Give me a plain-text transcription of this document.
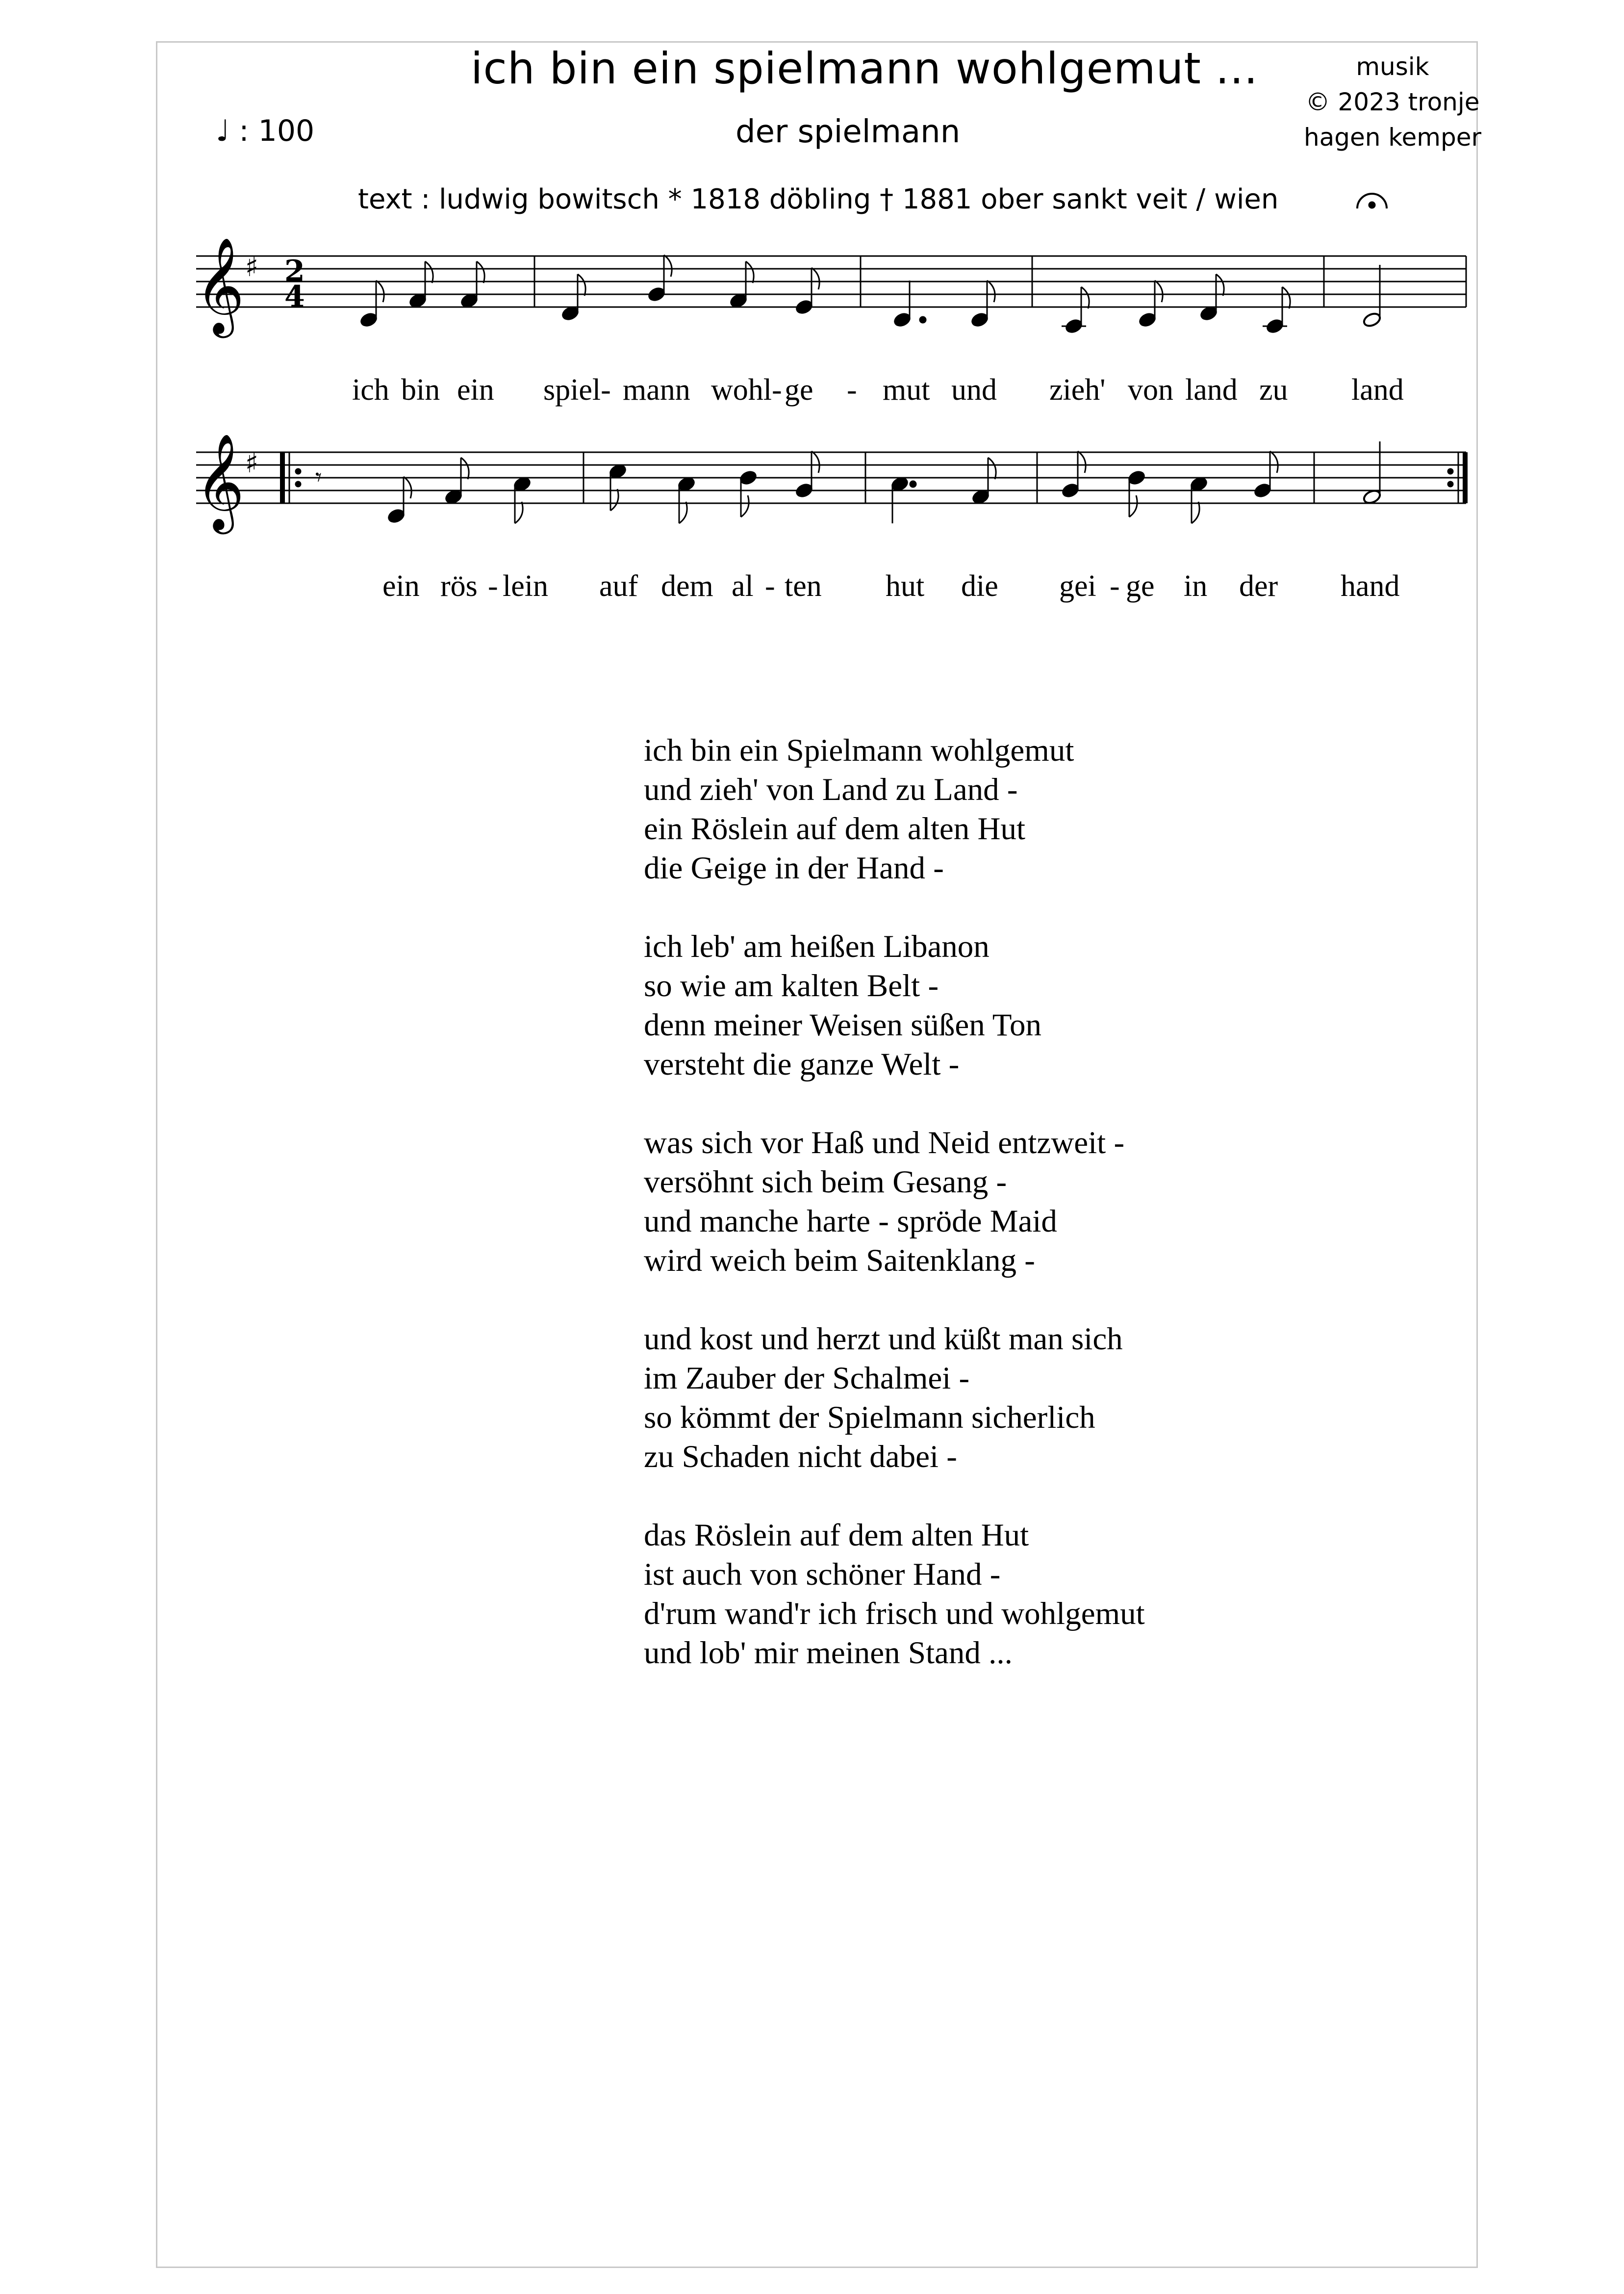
ich bin ein spielmann wohlgemut ...
der spielmann
♩ : 100
musik
© 2023 tronje
hagen kemper
text : ludwig bowitsch * 1818 döbling † 1881 ober sankt veit / wien
𝄞 ♯ 2
4
𝄞 ♯ 𝄾
ich bin ein spiel- mann wohl- ge - mut und zieh' von land zu land
ein rös - lein auf dem al - ten hut die gei - ge in der hand
ich bin ein Spielmann wohlgemut
und zieh' von Land zu Land -
ein Röslein auf dem alten Hut
die Geige in der Hand -
ich leb' am heißen Libanon
so wie am kalten Belt -
denn meiner Weisen süßen Ton
versteht die ganze Welt -
was sich vor Haß und Neid entzweit -
versöhnt sich beim Gesang -
und manche harte - spröde Maid
wird weich beim Saitenklang -
und kost und herzt und küßt man sich
im Zauber der Schalmei -
so kömmt der Spielmann sicherlich
zu Schaden nicht dabei -
das Röslein auf dem alten Hut
ist auch von schöner Hand -
d'rum wand'r ich frisch und wohlgemut
und lob' mir meinen Stand ...
